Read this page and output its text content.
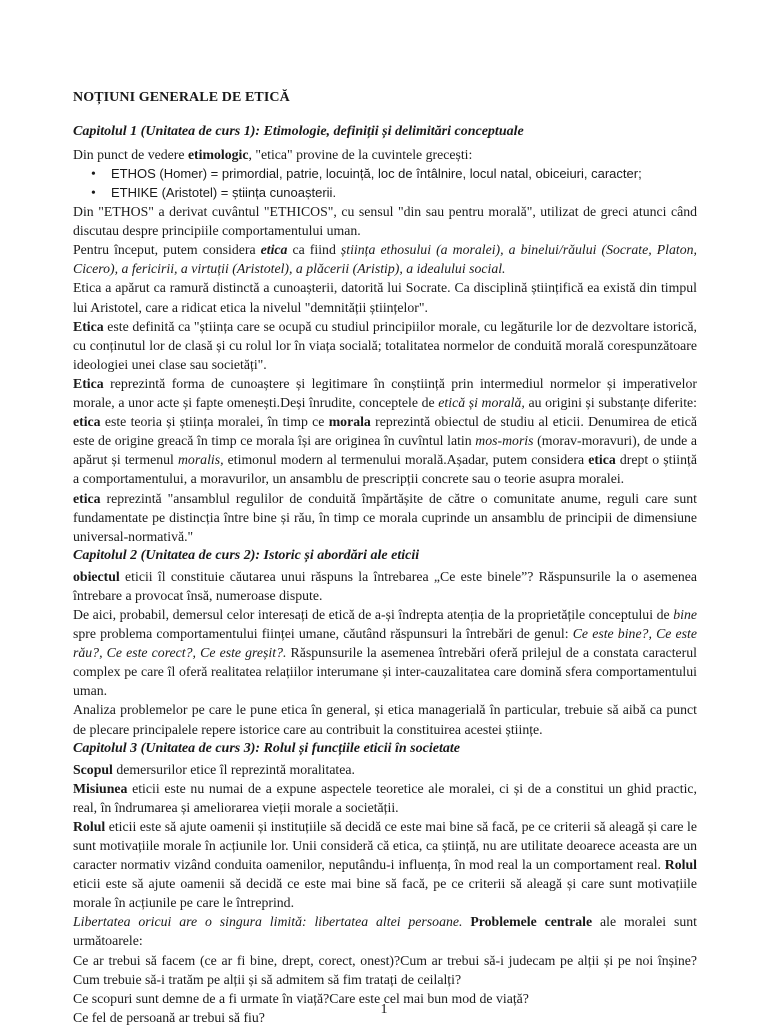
NOȚIUNI GENERALE DE ETICĂ
Capitolul 1 (Unitatea de curs 1): Etimologie, definiții și delimitări conceptuale

Din punct de vedere etimologic, "etica" provine de la cuvintele grecești:

• ETHOS (Homer) = primordial, patrie, locuință, loc de întâlnire, locul natal, obiceiuri, caracter;
• ETHIKE (Aristotel) = știința cunoașterii.

Din "ETHOS" a derivat cuvântul "ETHICOS", cu sensul "din sau pentru morală", utilizat de greci atunci când discutau despre principiile comportamentului uman.

Pentru început, putem considera etica ca fiind știința ethosului (a moralei), a binelui/răului (Socrate, Platon, Cicero), a fericirii, a virtuții (Aristotel), a plăcerii (Aristip), a idealului social.

Etica a apărut ca ramură distinctă a cunoașterii, datorită lui Socrate. Ca disciplină științifică ea există din timpul lui Aristotel, care a ridicat etica la nivelul "demnității științelor".

Etica este definită ca "știința care se ocupă cu studiul principiilor morale, cu legăturile lor de dezvoltare istorică, cu conținutul lor de clasă și cu rolul lor în viața socială; totalitatea normelor de conduită morală corespunzătoare ideologiei unei clase sau societăți".

Etica reprezintă forma de cunoaștere și legitimare în conștiință prin intermediul normelor și imperativelor morale, a unor acte și fapte omenești.Deși înrudite, conceptele de etică și morală, au origini și substanțe diferite: etica este teoria și știința moralei, în timp ce morala reprezintă obiectul de studiu al eticii. Denumirea de etică este de origine greacă în timp ce morala își are originea în cuvîntul latin mos-moris (morav-moravuri), de unde a apărut și termenul moralis, etimonul modern al termenului morală.Așadar, putem considera etica drept o știință a comportamentului, a moravurilor, un ansamblu de prescripții concrete sau o teorie asupra moralei.

etica reprezintă "ansamblul regulilor de conduită împărtășite de către o comunitate anume, reguli care sunt fundamentate pe distincția între bine și rău, în timp ce morala cuprinde un ansamblu de principii de dimensiune universal-normativă."

Capitolul 2 (Unitatea de curs 2): Istoric și abordări ale eticii

obiectul eticii îl constituie căutarea unui răspuns la întrebarea „Ce este binele”? Răspunsurile la o asemenea întrebare a provocat însă, numeroase dispute.

De aici, probabil, demersul celor interesați de etică de a-și îndrepta atenția de la proprietățile conceptului de bine spre problema comportamentului ființei umane, căutând răspunsuri la întrebări de genul: Ce este bine?, Ce este rău?, Ce este corect?, Ce este greșit?. Răspunsurile la asemenea întrebări oferă prilejul de a constata caracterul complex pe care îl oferă realitatea relațiilor interumane și inter-cauzalitatea care domină sfera comportamentului uman.

Analiza problemelor pe care le pune etica în general, și etica managerială în particular, trebuie să aibă ca punct de plecare principalele repere istorice care au contribuit la constituirea acestei științe.

Capitolul 3 (Unitatea de curs 3): Rolul și funcțiile eticii în societate

Scopul demersurilor etice îl reprezintă moralitatea.

Misiunea eticii este nu numai de a expune aspectele teoretice ale moralei, ci și de a constitui un ghid practic, real, în îndrumarea și ameliorarea vieții morale a societății.

Rolul eticii este să ajute oamenii și instituțiile să decidă ce este mai bine să facă, pe ce criterii să aleagă și care le sunt motivațiile morale în acțiunile lor. Unii consideră că etica, ca știință, nu are utilitate deoarece aceasta are un caracter normativ vizând conduita oamenilor, neputându-i influența, în mod real la un comportament real. Rolul eticii este să ajute oamenii să decidă ce este mai bine să facă, pe ce criterii să aleagă și care sunt motivațiile morale în acțiunile pe care le întreprind.

Libertatea oricui are o singura limită: libertatea altei persoane. Problemele centrale ale moralei sunt următoarele:

Ce ar trebui să facem (ce ar fi bine, drept, corect, onest)?Cum ar trebui să-i judecam pe alții și pe noi înșine?Cum trebuie să-i tratăm pe alții și să admitem să fim tratați de ceilalți?

Ce scopuri sunt demne de a fi urmate în viață?Care este cel mai bun mod de viață?

Ce fel de persoană ar trebui să fiu?

1
